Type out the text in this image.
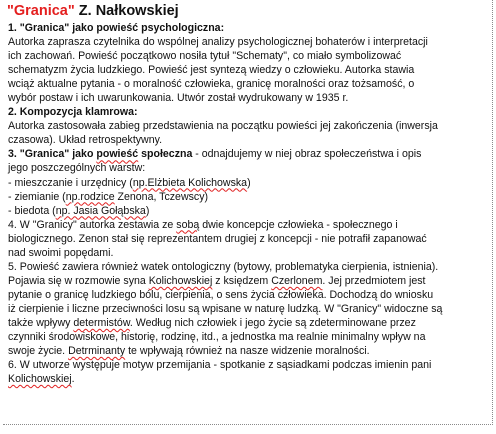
"Granica" Z. Nałkowskiej
1. "Granica" jako powieść psychologiczna:
Autorka zaprasza czytelnika do wspólnej analizy psychologicznej bohaterów i interpretacji
ich zachowań. Powieść początkowo nosiła tytuł "Schematy", co miało symbolizować
schematyzm życia ludzkiego. Powieść jest syntezą wiedzy o człowieku. Autorka stawia
wciąż aktualne pytania - o moralność człowieka, granicę moralności oraz tożsamość, o
wybór postaw i ich uwarunkowania. Utwór został wydrukowany w 1935 r.
2. Kompozycja klamrowa:
Autorka zastosowała zabieg przedstawienia na początku powieści jej zakończenia (inwersja
czasowa). Układ retrospektywny.
3. "Granica" jako powieść społeczna - odnajdujemy w niej obraz społeczeństwa i opis
jego poszczególnych warstw:
- mieszczanie i urzędnicy (np.Elżbieta Kolichowska)
- ziemianie (np.rodzice Zenona, Tczewscy)
- biedota (np. Jasia Gołąbska)
4. W "Granicy" autorka zestawia ze sobą dwie koncepcje człowieka - społecznego i
biologicznego. Zenon stał się reprezentantem drugiej z koncepcji - nie potrafił zapanować
nad swoimi popędami.
5. Powieść zawiera również watek ontologiczny (bytowy, problematyka cierpienia, istnienia).
Pojawia się w rozmowie syna Kolichowskiej z księdzem Czerlonem. Jej przedmiotem jest
pytanie o granicę ludzkiego bólu, cierpienia, o sens życia człowieka. Dochodzą do wniosku
iż cierpienie i liczne przeciwności losu są wpisane w naturę ludzką. W "Granicy" widoczne są
także wpływy determistów. Według nich człowiek i jego życie są zdeterminowane przez
czynniki środowiskowe, historię, rodzinę, itd., a jednostka ma realnie minimalny wpływ na
swoje życie. Detrminanty te wpływają również na nasze widzenie moralności.
6. W utworze występuje motyw przemijania - spotkanie z sąsiadkami podczas imienin pani
Kolichowskiej.
